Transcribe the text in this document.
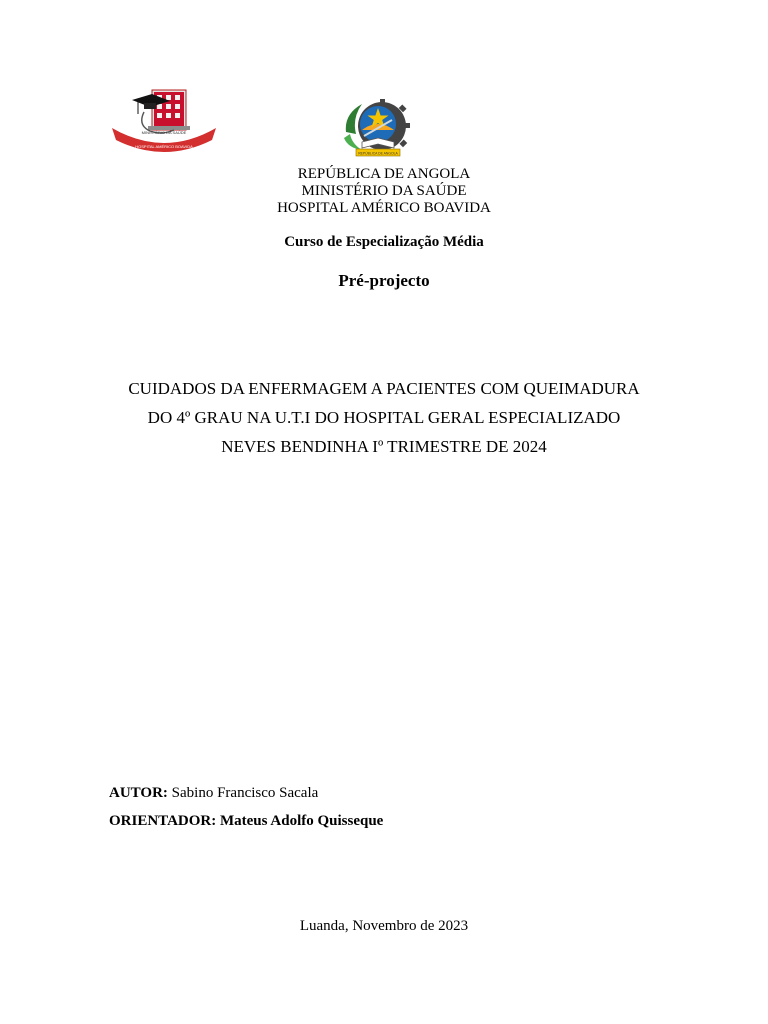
MINISTÉRIO DA SAÚDE
HOSPITAL AMÉRICO BOAVIDA
REPÚBLICA DE ANGOLA
REPÚBLICA DE ANGOLA
MINISTÉRIO DA SAÚDE
HOSPITAL AMÉRICO BOAVIDA
Curso de Especialização Média
Pré-projecto
CUIDADOS DA ENFERMAGEM A PACIENTES COM QUEIMADURA
DO 4º GRAU NA U.T.I DO HOSPITAL GERAL ESPECIALIZADO
NEVES BENDINHA Iº TRIMESTRE DE 2024
AUTOR: Sabino Francisco Sacala
ORIENTADOR: Mateus Adolfo Quisseque
Luanda, Novembro de 2023
